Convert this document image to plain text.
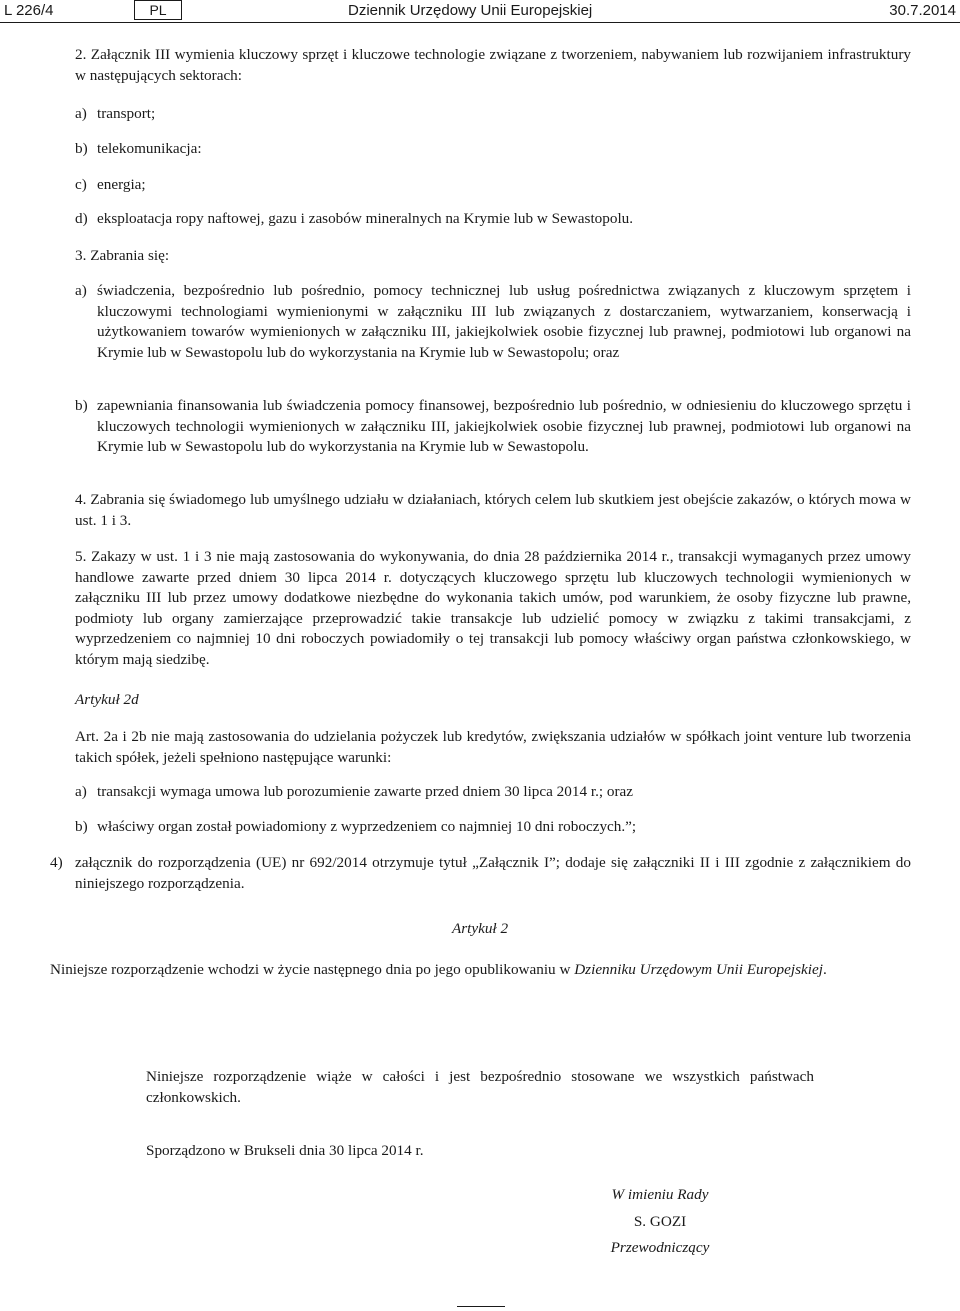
L 226/4	PL	Dziennik Urzędowy Unii Europejskiej	30.7.2014

2. Załącznik III wymienia kluczowy sprzęt i kluczowe technologie związane z tworzeniem, nabywaniem lub rozwijaniem infrastruktury w następujących sektorach:

a) transport;
b) telekomunikacja:
c) energia;
d) eksploatacja ropy naftowej, gazu i zasobów mineralnych na Krymie lub w Sewastopolu.

3. Zabrania się:

a) świadczenia, bezpośrednio lub pośrednio, pomocy technicznej lub usług pośrednictwa związanych z kluczowym sprzętem i kluczowymi technologiami wymienionymi w załączniku III lub związanych z dostarczaniem, wytwarzaniem, konserwacją i użytkowaniem towarów wymienionych w załączniku III, jakiejkolwiek osobie fizycznej lub prawnej, podmiotowi lub organowi na Krymie lub w Sewastopolu lub do wykorzystania na Krymie lub w Sewastopolu; oraz
b) zapewniania finansowania lub świadczenia pomocy finansowej, bezpośrednio lub pośrednio, w odniesieniu do kluczowego sprzętu i kluczowych technologii wymienionych w załączniku III, jakiejkolwiek osobie fizycznej lub prawnej, podmiotowi lub organowi na Krymie lub w Sewastopolu lub do wykorzystania na Krymie lub w Sewastopolu.

4. Zabrania się świadomego lub umyślnego udziału w działaniach, których celem lub skutkiem jest obejście zakazów, o których mowa w ust. 1 i 3.

5. Zakazy w ust. 1 i 3 nie mają zastosowania do wykonywania, do dnia 28 października 2014 r., transakcji wymaganych przez umowy handlowe zawarte przed dniem 30 lipca 2014 r. dotyczących kluczowego sprzętu lub kluczowych technologii wymienionych w załączniku III lub przez umowy dodatkowe niezbędne do wykonania takich umów, pod warunkiem, że osoby fizyczne lub prawne, podmioty lub organy zamierzające przeprowadzić takie transakcje lub udzielić pomocy w związku z takimi transakcjami, z wyprzedzeniem co najmniej 10 dni roboczych powiadomiły o tej transakcji lub pomocy właściwy organ państwa członkowskiego, w którym mają siedzibę.

Artykuł 2d

Art. 2a i 2b nie mają zastosowania do udzielania pożyczek lub kredytów, zwiększania udziałów w spółkach joint venture lub tworzenia takich spółek, jeżeli spełniono następujące warunki:

a) transakcji wymaga umowa lub porozumienie zawarte przed dniem 30 lipca 2014 r.; oraz
b) właściwy organ został powiadomiony z wyprzedzeniem co najmniej 10 dni roboczych.”;
4) załącznik do rozporządzenia (UE) nr 692/2014 otrzymuje tytuł „Załącznik I”; dodaje się załączniki II i III zgodnie z załącznikiem do niniejszego rozporządzenia.

Artykuł 2

Niniejsze rozporządzenie wchodzi w życie następnego dnia po jego opublikowaniu w Dzienniku Urzędowym Unii Europejskiej.

Niniejsze rozporządzenie wiąże w całości i jest bezpośrednio stosowane we wszystkich państwach członkowskich.

Sporządzono w Brukseli dnia 30 lipca 2014 r.

W imieniu Rady
S. GOZI
Przewodniczący
